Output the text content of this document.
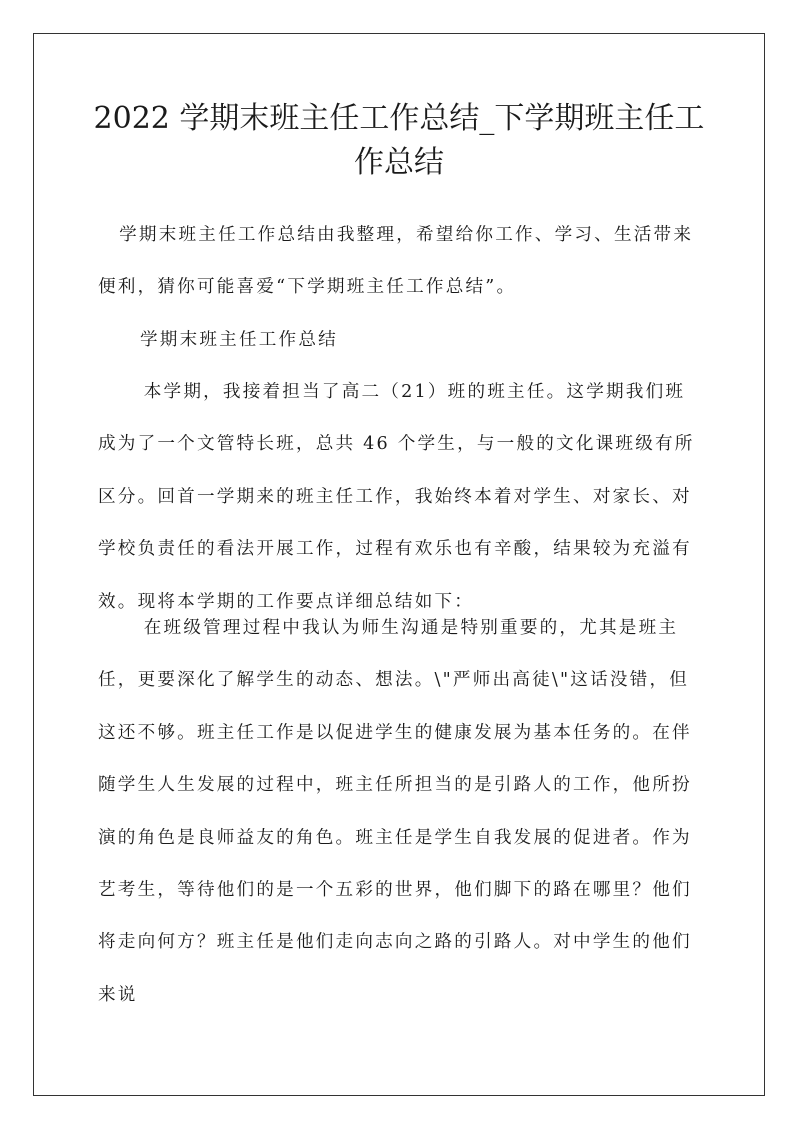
2022 学期末班主任工作总结_下学期班主任工
作总结

学期末班主任工作总结由我整理，希望给你工作、学习、生活带来便利，猜你可能喜爱“下学期班主任工作总结”。

学期末班主任工作总结

本学期，我接着担当了高二（21）班的班主任。这学期我们班成为了一个文管特长班，总共 46 个学生，与一般的文化课班级有所区分。回首一学期来的班主任工作，我始终本着对学生、对家长、对学校负责任的看法开展工作，过程有欢乐也有辛酸，结果较为充溢有效。现将本学期的工作要点详细总结如下：

在班级管理过程中我认为师生沟通是特别重要的，尤其是班主任，更要深化了解学生的动态、想法。\"严师出高徒\"这话没错，但这还不够。班主任工作是以促进学生的健康发展为基本任务的。在伴随学生人生发展的过程中，班主任所担当的是引路人的工作，他所扮演的角色是良师益友的角色。班主任是学生自我发展的促进者。作为艺考生，等待他们的是一个五彩的世界，他们脚下的路在哪里？他们将走向何方？班主任是他们走向志向之路的引路人。对中学生的他们来说
